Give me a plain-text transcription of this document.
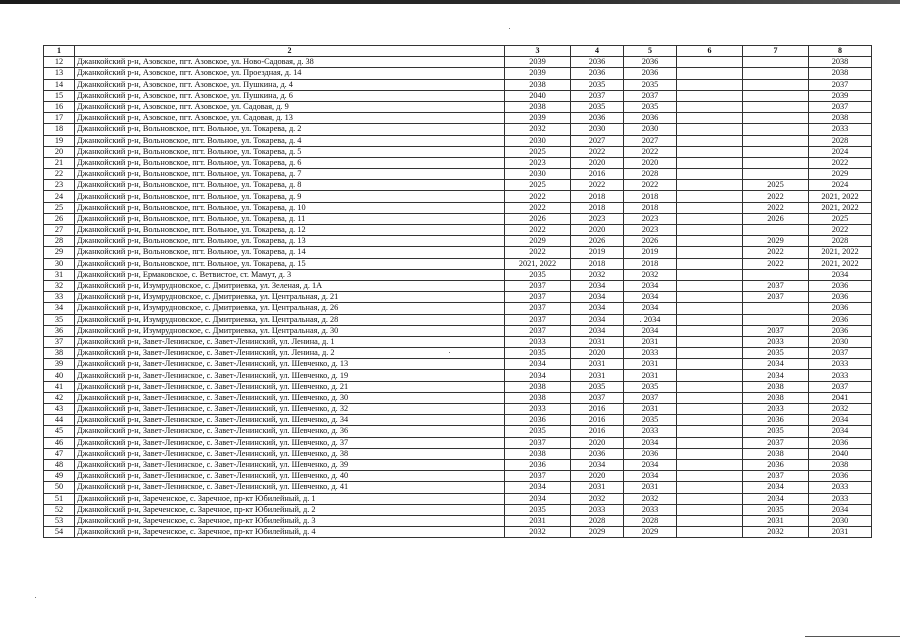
1	2	3	4	5	6	7	8
12	Джанкойский р-н, Азовское, пгт. Азовское, ул. Ново-Садовая, д. 38	2039	2036	2036			2038
13	Джанкойский р-н, Азовское, пгт. Азовское, ул. Проездная, д. 14	2039	2036	2036			2038
14	Джанкойский р-н, Азовское, пгт. Азовское, ул. Пушкина, д. 4	2038	2035	2035			2037
15	Джанкойский р-н, Азовское, пгт. Азовское, ул. Пушкина, д. 6	2040	2037	2037			2039
16	Джанкойский р-н, Азовское, пгт. Азовское, ул. Садовая, д. 9	2038	2035	2035			2037
17	Джанкойский р-н, Азовское, пгт. Азовское, ул. Садовая, д. 13	2039	2036	2036			2038
18	Джанкойский р-н, Вольновское, пгт. Вольное, ул. Токарева, д. 2	2032	2030	2030			2033
19	Джанкойский р-н, Вольновское, пгт. Вольное, ул. Токарева, д. 4	2030	2027	2027			2028
20	Джанкойский р-н, Вольновское, пгт. Вольное, ул. Токарева, д. 5	2025	2022	2022			2024
21	Джанкойский р-н, Вольновское, пгт. Вольное, ул. Токарева, д. 6	2023	2020	2020			2022
22	Джанкойский р-н, Вольновское, пгт. Вольное, ул. Токарева, д. 7	2030	2016	2028			2029
23	Джанкойский р-н, Вольновское, пгт. Вольное, ул. Токарева, д. 8	2025	2022	2022		2025	2024
24	Джанкойский р-н, Вольновское, пгт. Вольное, ул. Токарева, д. 9	2022	2018	2018		2022	2021, 2022
25	Джанкойский р-н, Вольновское, пгт. Вольное, ул. Токарева, д. 10	2022	2018	2018		2022	2021, 2022
26	Джанкойский р-н, Вольновское, пгт. Вольное, ул. Токарева, д. 11	2026	2023	2023		2026	2025
27	Джанкойский р-н, Вольновское, пгт. Вольное, ул. Токарева, д. 12	2022	2020	2023			2022
28	Джанкойский р-н, Вольновское, пгт. Вольное, ул. Токарева, д. 13	2029	2026	2026		2029	2028
29	Джанкойский р-н, Вольновское, пгт. Вольное, ул. Токарева, д. 14	2022	2019	2019		2022	2021, 2022
30	Джанкойский р-н, Вольновское, пгт. Вольное, ул. Токарева, д. 15	2021, 2022	2018	2018		2022	2021, 2022
31	Джанкойский р-н, Ермаковское, с. Ветвистое, ст. Мамут, д. 3	2035	2032	2032			2034
32	Джанкойский р-н, Изумрудновское, с. Дмитриевка, ул. Зеленая, д. 1А	2037	2034	2034		2037	2036
33	Джанкойский р-н, Изумрудновское, с. Дмитриевка, ул. Центральная, д. 21	2037	2034	2034		2037	2036
34	Джанкойский р-н, Изумрудновское, с. Дмитриевка, ул. Центральная, д. 26	2037	2034	2034			2036
35	Джанкойский р-н, Изумрудновское, с. Дмитриевка, ул. Центральная, д. 28	2037	2034	. 2034			2036
36	Джанкойский р-н, Изумрудновское, с. Дмитриевка, ул. Центральная, д. 30	2037	2034	2034		2037	2036
37	Джанкойский р-н, Завет-Ленинское, с. Завет-Ленинский, ул. Ленина, д. 1	2033	2031	2031		2033	2030
38	Джанкойский р-н, Завет-Ленинское, с. Завет-Ленинский, ул. Ленина, д. 2	2035	2020	2033		2035	2037
39	Джанкойский р-н, Завет-Ленинское, с. Завет-Ленинский, ул. Шевченко, д. 13	2034	2031	2031		2034	2033
40	Джанкойский р-н, Завет-Ленинское, с. Завет-Ленинский, ул. Шевченко, д. 19	2034	2031	2031		2034	2033
41	Джанкойский р-н, Завет-Ленинское, с. Завет-Ленинский, ул. Шевченко, д. 21	2038	2035	2035		2038	2037
42	Джанкойский р-н, Завет-Ленинское, с. Завет-Ленинский, ул. Шевченко, д. 30	2038	2037	2037		2038	2041
43	Джанкойский р-н, Завет-Ленинское, с. Завет-Ленинский, ул. Шевченко, д. 32	2033	2016	2031		2033	2032
44	Джанкойский р-н, Завет-Ленинское, с. Завет-Ленинский, ул. Шевченко, д. 34	2036	2016	2035		2036	2034
45	Джанкойский р-н, Завет-Ленинское, с. Завет-Ленинский, ул. Шевченко, д. 36	2035	2016	2033		2035	2034
46	Джанкойский р-н, Завет-Ленинское, с. Завет-Ленинский, ул. Шевченко, д. 37	2037	2020	2034		2037	2036
47	Джанкойский р-н, Завет-Ленинское, с. Завет-Ленинский, ул. Шевченко, д. 38	2038	2036	2036		2038	2040
48	Джанкойский р-н, Завет-Ленинское, с. Завет-Ленинский, ул. Шевченко, д. 39	2036	2034	2034		2036	2038
49	Джанкойский р-н, Завет-Ленинское, с. Завет-Ленинский, ул. Шевченко, д. 40	2037	2020	2034		2037	2036
50	Джанкойский р-н, Завет-Ленинское, с. Завет-Ленинский, ул. Шевченко, д. 41	2034	2031	2031		2034	2033
51	Джанкойский р-н, Зареченское, с. Заречное, пр-кт Юбилейный, д. 1	2034	2032	2032		2034	2033
52	Джанкойский р-н, Зареченское, с. Заречное, пр-кт Юбилейный, д. 2	2035	2033	2033		2035	2034
53	Джанкойский р-н, Зареченское, с. Заречное, пр-кт Юбилейный, д. 3	2031	2028	2028		2031	2030
54	Джанкойский р-н, Зареченское, с. Заречное, пр-кт Юбилейный, д. 4	2032	2029	2029		2032	2031
